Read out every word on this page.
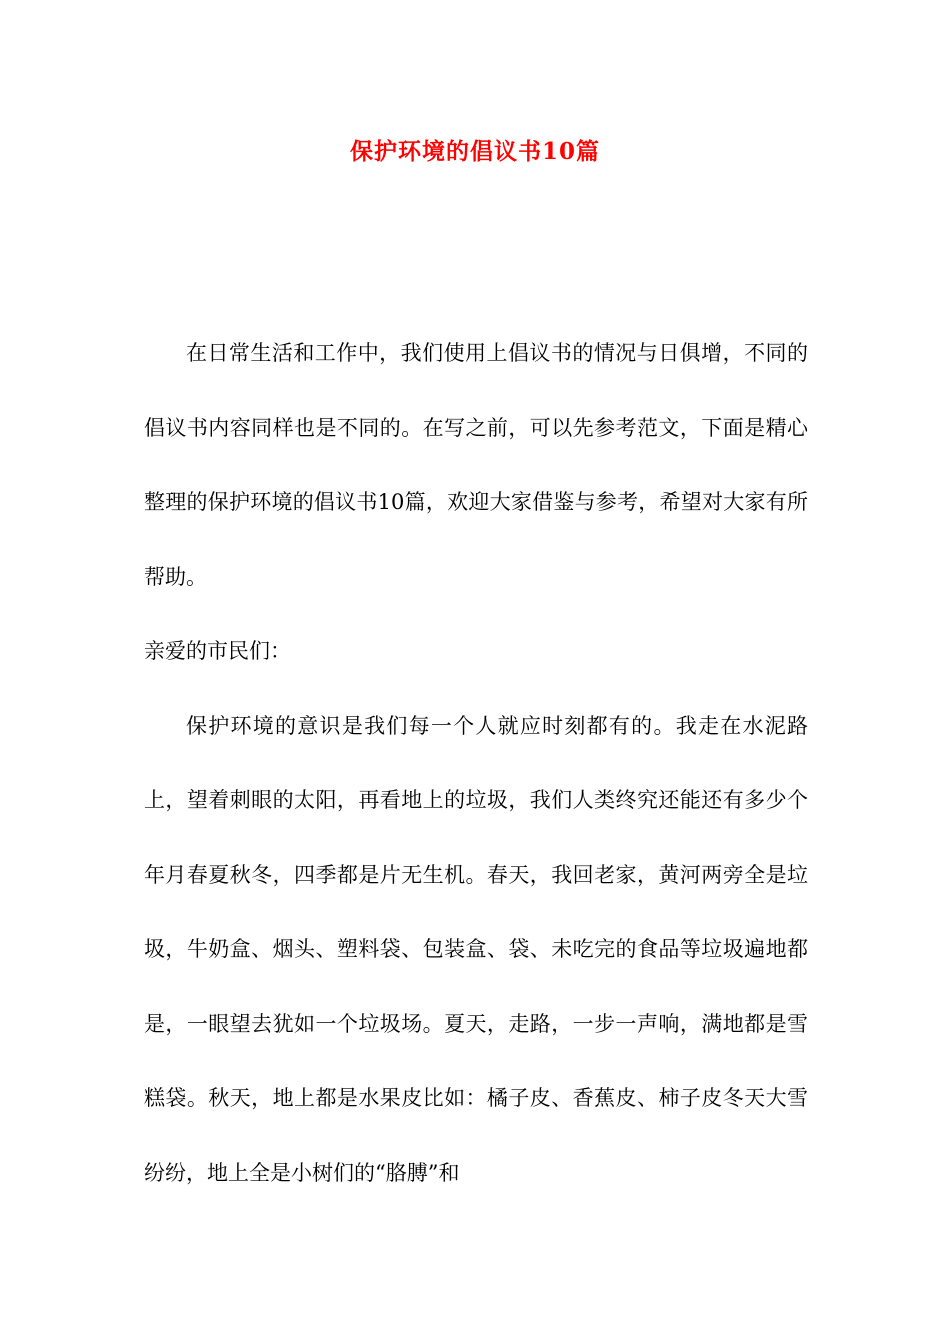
保护环境的倡议书10篇

在日常生活和工作中，我们使用上倡议书的情况与日俱增，不同的倡议书内容同样也是不同的。在写之前，可以先参考范文，下面是精心整理的保护环境的倡议书10篇，欢迎大家借鉴与参考，希望对大家有所帮助。

亲爱的市民们：

保护环境的意识是我们每一个人就应时刻都有的。我走在水泥路上，望着刺眼的太阳，再看地上的垃圾，我们人类终究还能还有多少个年月春夏秋冬，四季都是片无生机。春天，我回老家，黄河两旁全是垃圾，牛奶盒、烟头、塑料袋、包装盒、袋、未吃完的食品等垃圾遍地都是，一眼望去犹如一个垃圾场。夏天，走路，一步一声响，满地都是雪糕袋。秋天，地上都是水果皮比如：橘子皮、香蕉皮、柿子皮冬天大雪纷纷，地上全是小树们的“胳膊”和
